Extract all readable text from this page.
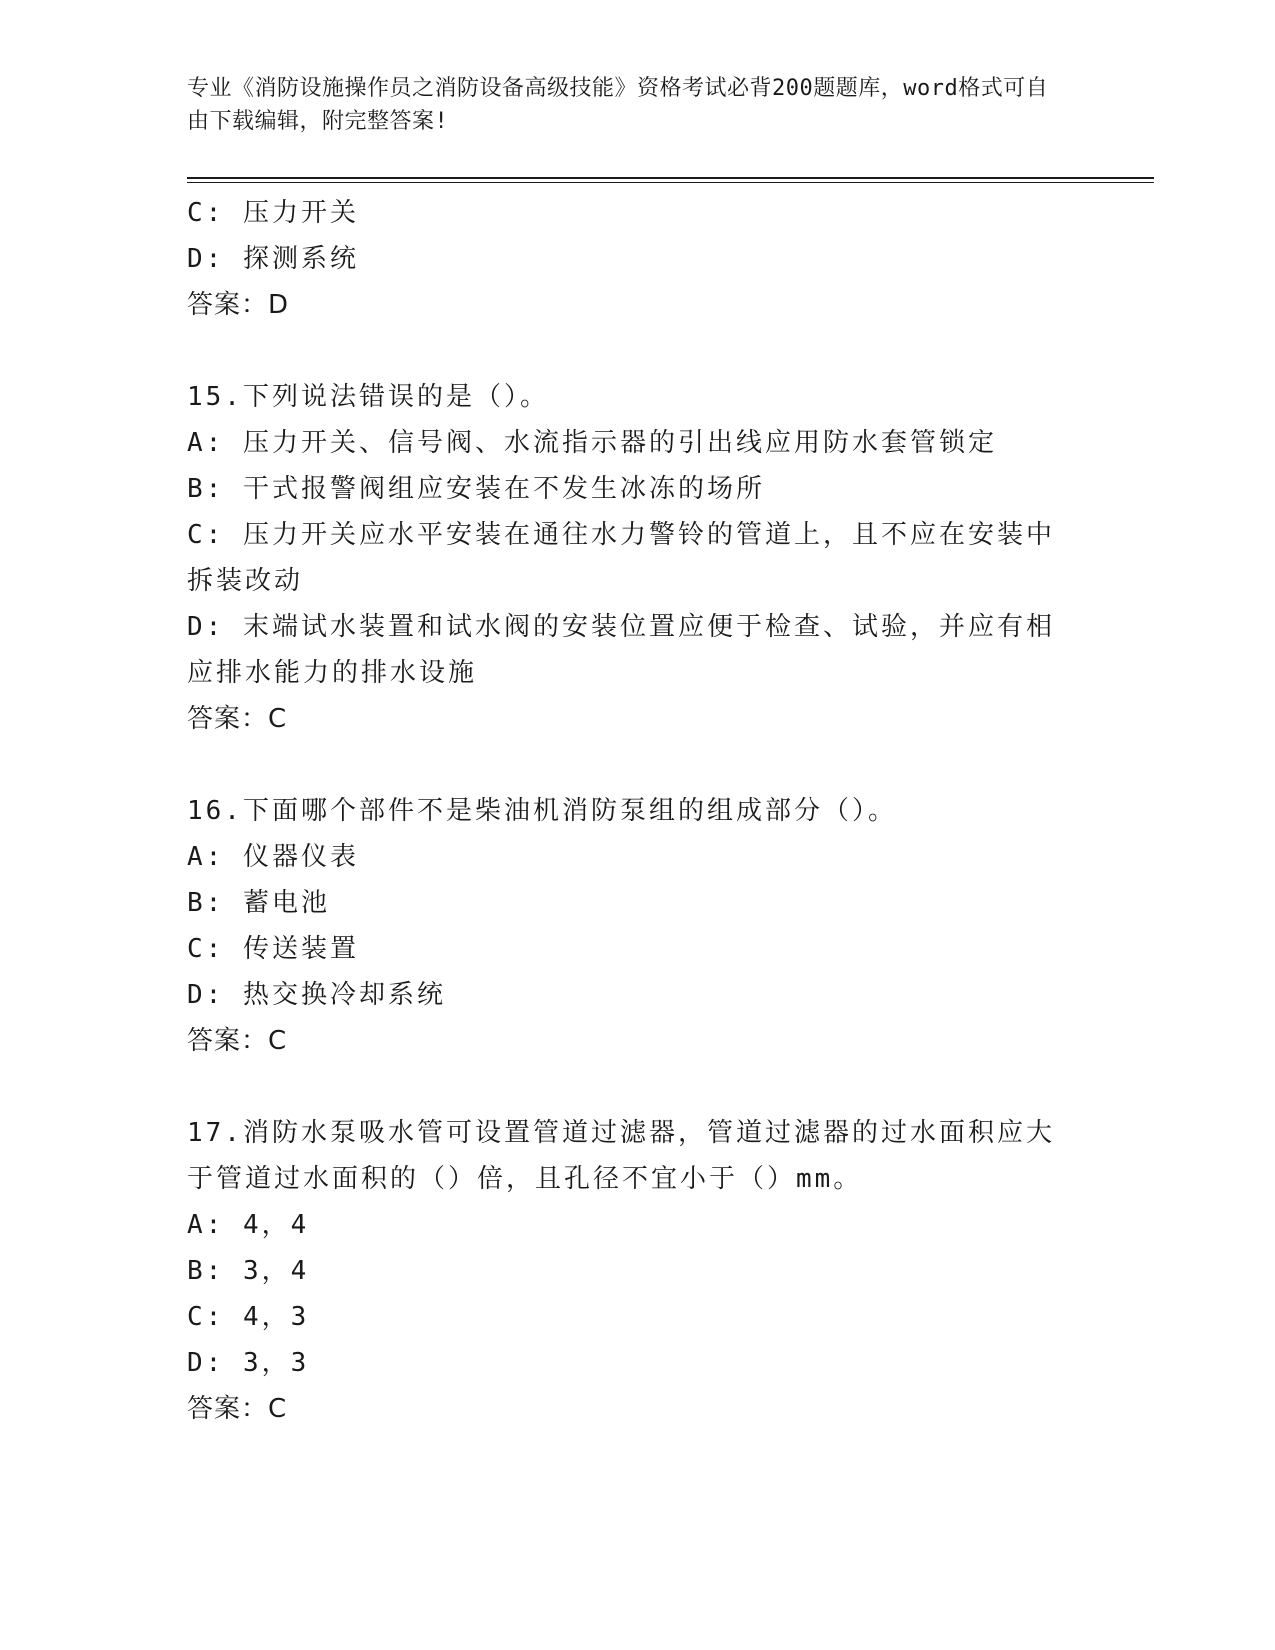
专业《消防设施操作员之消防设备高级技能》资格考试必背200题题库，word格式可自由下载编辑，附完整答案!

C: 压力开关

D: 探测系统

答案：D

15.下列说法错误的是（）。

A: 压力开关、信号阀、水流指示器的引出线应用防水套管锁定

B: 干式报警阀组应安装在不发生冰冻的场所

C: 压力开关应水平安装在通往水力警铃的管道上，且不应在安装中拆装改动

D: 末端试水装置和试水阀的安装位置应便于检查、试验，并应有相应排水能力的排水设施

答案：C

16.下面哪个部件不是柴油机消防泵组的组成部分（）。

A: 仪器仪表

B: 蓄电池

C: 传送装置

D: 热交换冷却系统

答案：C

17.消防水泵吸水管可设置管道过滤器，管道过滤器的过水面积应大于管道过水面积的（）倍，且孔径不宜小于（）mm。

A: 4，4

B: 3，4

C: 4，3

D: 3，3

答案：C
